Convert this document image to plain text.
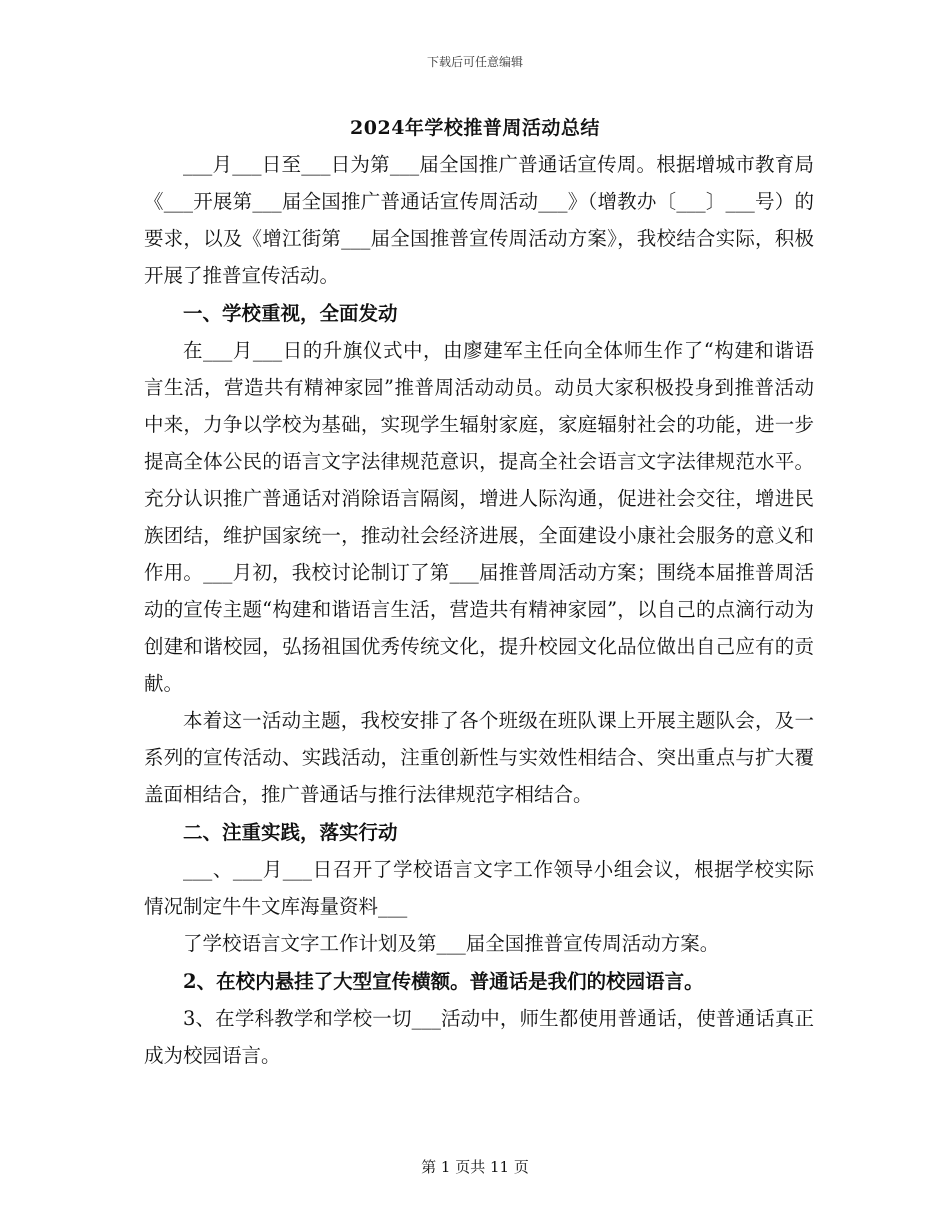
下载后可任意编辑
2024年学校推普周活动总结

___月___日至___日为第___届全国推广普通话宣传周。根据增城市教育局《___开展第___届全国推广普通话宣传周活动___》（增教办〔___〕___号）的要求，以及《增江街第___届全国推普宣传周活动方案》，我校结合实际，积极开展了推普宣传活动。

一、学校重视，全面发动

在___月___日的升旗仪式中，由廖建军主任向全体师生作了“构建和谐语言生活，营造共有精神家园”推普周活动动员。动员大家积极投身到推普活动中来，力争以学校为基础，实现学生辐射家庭，家庭辐射社会的功能，进一步提高全体公民的语言文字法律规范意识，提高全社会语言文字法律规范水平。充分认识推广普通话对消除语言隔阂，增进人际沟通，促进社会交往，增进民族团结，维护国家统一，推动社会经济进展，全面建设小康社会服务的意义和作用。___月初，我校讨论制订了第___届推普周活动方案；围绕本届推普周活动的宣传主题“构建和谐语言生活，营造共有精神家园”，以自己的点滴行动为创建和谐校园，弘扬祖国优秀传统文化，提升校园文化品位做出自己应有的贡献。

本着这一活动主题，我校安排了各个班级在班队课上开展主题队会，及一系列的宣传活动、实践活动，注重创新性与实效性相结合、突出重点与扩大覆盖面相结合，推广普通话与推行法律规范字相结合。

二、注重实践，落实行动

___、___月___日召开了学校语言文字工作领导小组会议，根据学校实际情况制定牛牛文库海量资料___

了学校语言文字工作计划及第___届全国推普宣传周活动方案。

2、在校内悬挂了大型宣传横额。普通话是我们的校园语言。

3、在学科教学和学校一切___活动中，师生都使用普通话，使普通话真正成为校园语言。

第 1 页共 11 页
